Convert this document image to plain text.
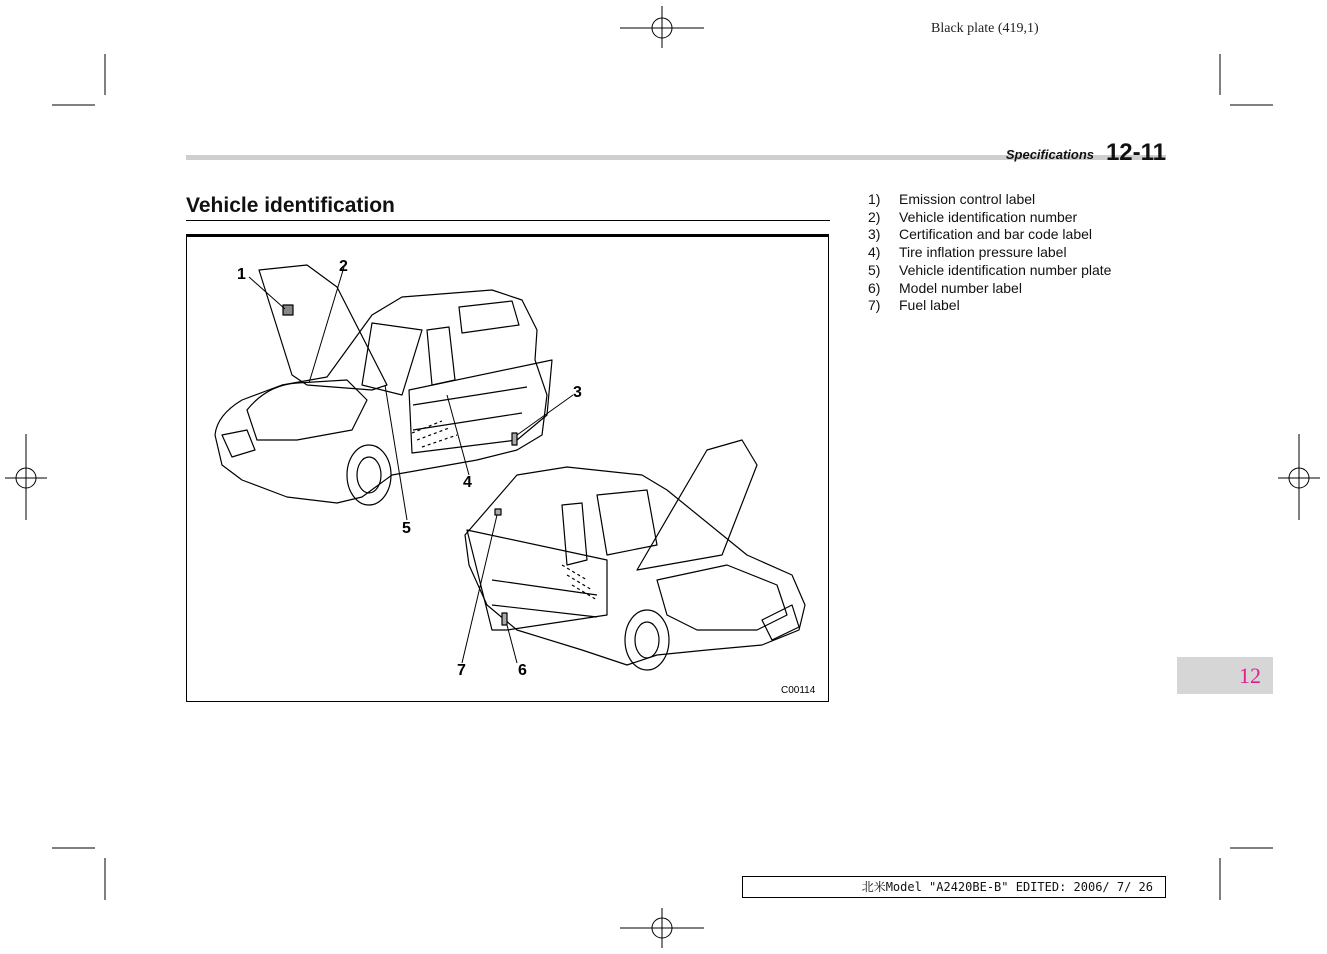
Black plate (419,1)
Specifications 12-11
Vehicle identification
1	2
3
4
5
6
7
C00114
1)	Emission control label
2)	Vehicle identification number
3)	Certification and bar code label
4)	Tire inflation pressure label
5)	Vehicle identification number plate
6)	Model number label
7)	Fuel label
12
北米Model "A2420BE-B" EDITED: 2006/ 7/ 26
